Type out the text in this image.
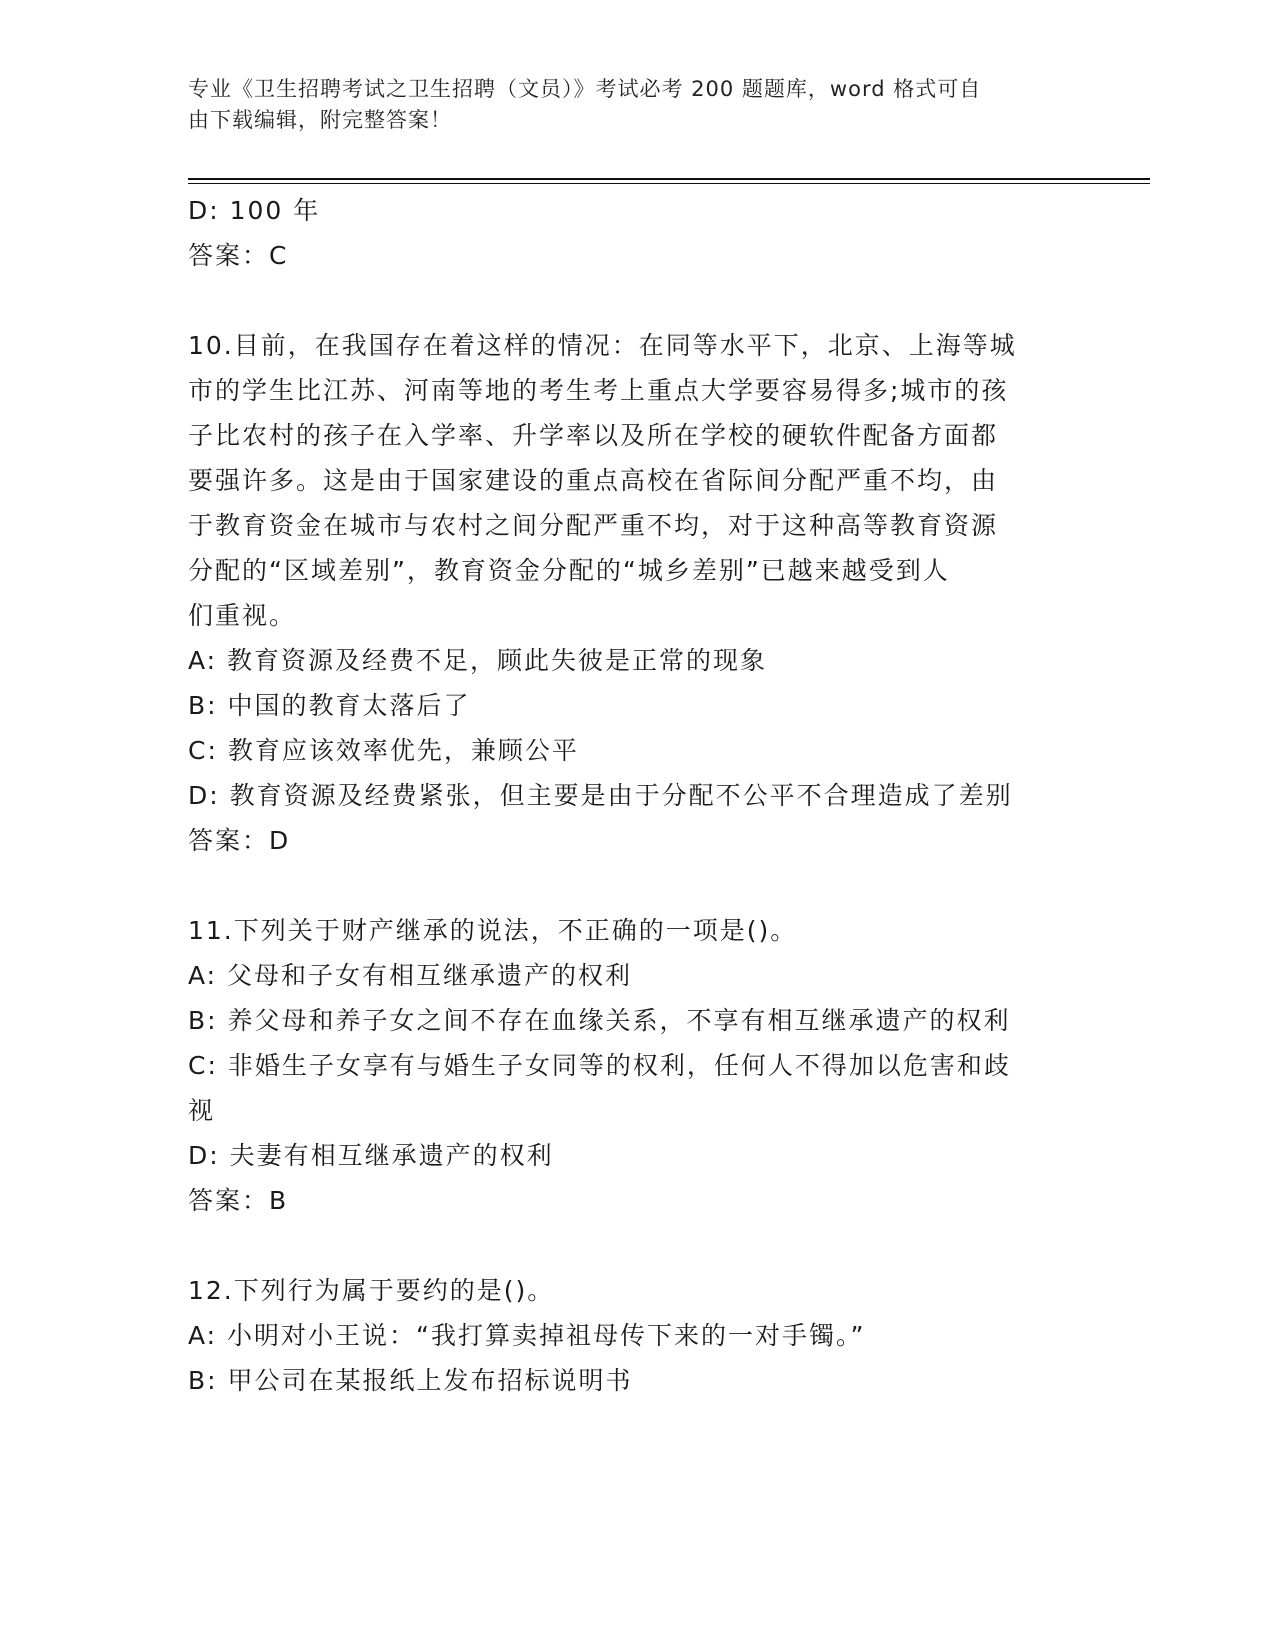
专业《卫生招聘考试之卫生招聘（文员）》考试必考 200 题题库，word 格式可自
由下载编辑，附完整答案！
D: 100 年
答案：C
10.目前，在我国存在着这样的情况：在同等水平下，北京、上海等城
市的学生比江苏、河南等地的考生考上重点大学要容易得多;城市的孩
子比农村的孩子在入学率、升学率以及所在学校的硬软件配备方面都
要强许多。这是由于国家建设的重点高校在省际间分配严重不均，由
于教育资金在城市与农村之间分配严重不均，对于这种高等教育资源
分配的“区域差别”，教育资金分配的“城乡差别”已越来越受到人
们重视。
A: 教育资源及经费不足，顾此失彼是正常的现象
B: 中国的教育太落后了
C: 教育应该效率优先，兼顾公平
D: 教育资源及经费紧张，但主要是由于分配不公平不合理造成了差别
答案：D
11.下列关于财产继承的说法，不正确的一项是()。
A: 父母和子女有相互继承遗产的权利
B: 养父母和养子女之间不存在血缘关系，不享有相互继承遗产的权利
C: 非婚生子女享有与婚生子女同等的权利，任何人不得加以危害和歧
视
D: 夫妻有相互继承遗产的权利
答案：B
12.下列行为属于要约的是()。
A: 小明对小王说：“我打算卖掉祖母传下来的一对手镯。”
B: 甲公司在某报纸上发布招标说明书
